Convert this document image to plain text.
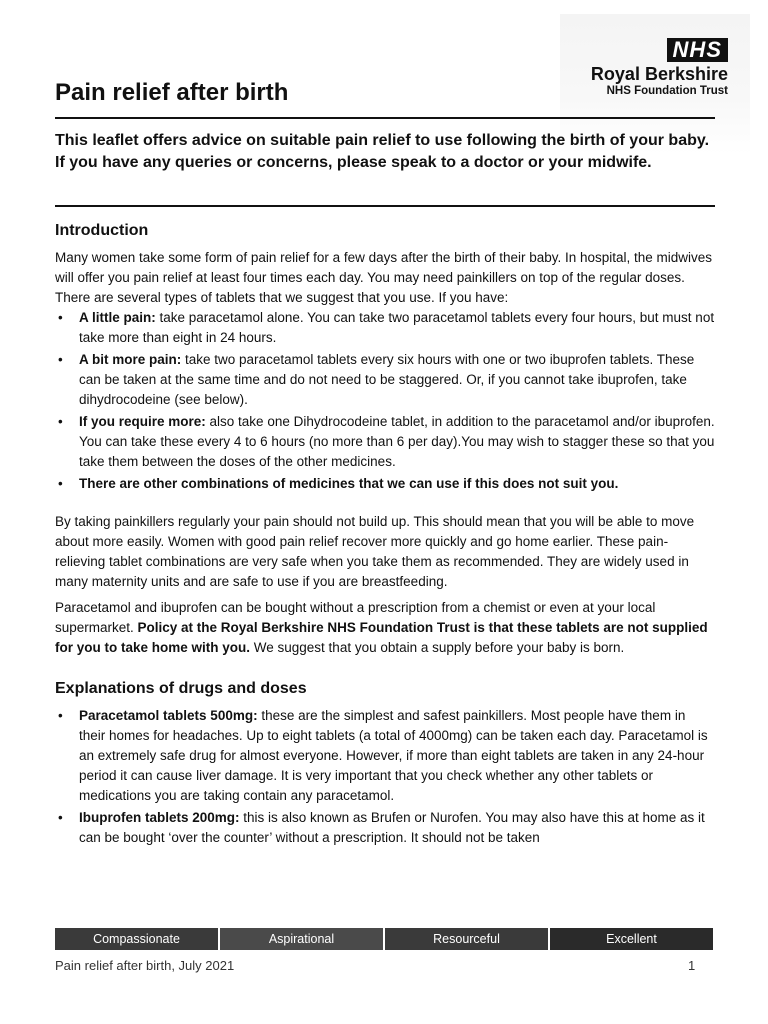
NHS
Royal Berkshire
NHS Foundation Trust
Pain relief after birth
This leaflet offers advice on suitable pain relief to use following the birth of your baby. If you have any queries or concerns, please speak to a doctor or your midwife.
Introduction

Many women take some form of pain relief for a few days after the birth of their baby. In hospital, the midwives will offer you pain relief at least four times each day. You may need painkillers on top of the regular doses. There are several types of tablets that we suggest that you use. If you have:

• A little pain: take paracetamol alone. You can take two paracetamol tablets every four hours, but must not take more than eight in 24 hours.
• A bit more pain: take two paracetamol tablets every six hours with one or two ibuprofen tablets. These can be taken at the same time and do not need to be staggered. Or, if you cannot take ibuprofen, take dihydrocodeine (see below).
• If you require more: also take one Dihydrocodeine tablet, in addition to the paracetamol and/or ibuprofen. You can take these every 4 to 6 hours (no more than 6 per day).You may wish to stagger these so that you take them between the doses of the other medicines.
• There are other combinations of medicines that we can use if this does not suit you.

By taking painkillers regularly your pain should not build up. This should mean that you will be able to move about more easily. Women with good pain relief recover more quickly and go home earlier. These pain-relieving tablet combinations are very safe when you take them as recommended. They are widely used in many maternity units and are safe to use if you are breastfeeding.

Paracetamol and ibuprofen can be bought without a prescription from a chemist or even at your local supermarket. Policy at the Royal Berkshire NHS Foundation Trust is that these tablets are not supplied for you to take home with you. We suggest that you obtain a supply before your baby is born.

Explanations of drugs and doses
• Paracetamol tablets 500mg: these are the simplest and safest painkillers. Most people have them in their homes for headaches. Up to eight tablets (a total of 4000mg) can be taken each day. Paracetamol is an extremely safe drug for almost everyone. However, if more than eight tablets are taken in any 24-hour period it can cause liver damage. It is very important that you check whether any other tablets or medications you are taking contain any paracetamol.
• Ibuprofen tablets 200mg: this is also known as Brufen or Nurofen. You may also have this at home as it can be bought ‘over the counter’ without a prescription. It should not be taken
Compassionate	Aspirational	Resourceful	Excellent
Pain relief after birth, July 2021	1
